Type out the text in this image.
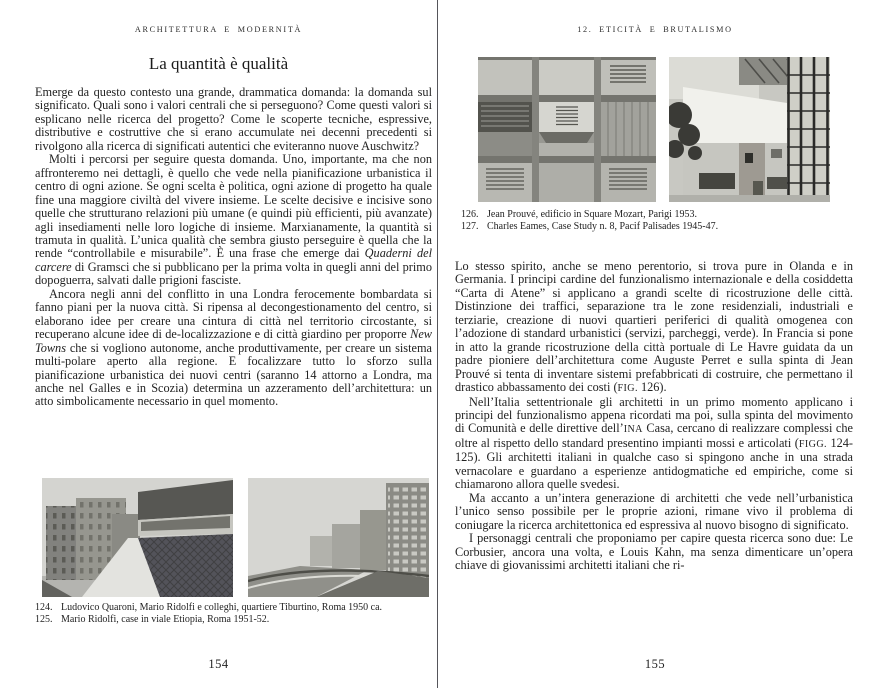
ARCHITETTURA E MODERNITÀ
La quantità è qualità

Emerge da questo contesto una grande, drammatica domanda: la domanda sul significato. Quali sono i valori centrali che si perseguono? Come questi valori si esplicano nelle ricerca del progetto? Come le scoperte tecniche, espressive, distributive e costruttive che si erano accumulate nei decenni precedenti si rivolgono alla ricerca di significati autentici che eviteranno nuove Auschwitz?

Molti i percorsi per seguire questa domanda. Uno, importante, ma che non affronteremo nei dettagli, è quello che vede nella pianificazione urbanistica il centro di ogni azione. Se ogni scelta è politica, ogni azione di progetto ha quale fine una maggiore civiltà del vivere insieme. Le scelte decisive e incisive sono quelle che strutturano relazioni più umane (e quindi più efficienti, più avanzate) agli insediamenti nelle loro logiche di insieme. Marxianamente, la quantità si tramuta in qualità. L’unica qualità che sembra giusto perseguire è quella che la rende “controllabile e misurabile”. È una frase che emerge dai Quaderni del carcere di Gramsci che si pubblicano per la prima volta in quegli anni del primo dopoguerra, salvati dalle prigioni fasciste.

Ancora negli anni del conflitto in una Londra ferocemente bombardata si fanno piani per la nuova città. Si ripensa al decongestionamento del centro, si elaborano idee per creare una cintura di città nel territorio circostante, si recuperano alcune idee di de-localizzazione e di città giardino per proporre New Towns che si vogliono autonome, anche produttivamente, per creare un sistema multi-polare aperto alla regione. E focalizzare tutto lo sforzo sulla pianificazione urbanistica dei nuovi centri (saranno 14 attorno a Londra, ma anche nel Galles e in Scozia) determina un azzeramento dell’architettura: un atto simbolicamente necessario in quel momento.

124. Ludovico Quaroni, Mario Ridolfi e colleghi, quartiere Tiburtino, Roma 1950 ca.
125. Mario Ridolfi, case in viale Etiopia, Roma 1951-52.
154
12. ETICITÀ E BRUTALISMO
126. Jean Prouvé, edificio in Square Mozart, Parigi 1953.
127. Charles Eames, Case Study n. 8, Pacif Palisades 1945-47.

Lo stesso spirito, anche se meno perentorio, si trova pure in Olanda e in Germania. I principi cardine del funzionalismo internazionale e della cosiddetta “Carta di Atene” si applicano a grandi scelte di ricostruzione delle città. Distinzione dei traffici, separazione tra le zone residenziali, industriali e terziarie, creazione di nuovi quartieri periferici di qualità omogenea con l’adozione di standard urbanistici (servizi, parcheggi, verde). In Francia si pone in atto la grande ricostruzione della città portuale di Le Havre guidata da un padre pioniere dell’architettura come Auguste Perret e sulla spinta di Jean Prouvé si tenta di inventare sistemi prefabbricati di costruire, che permettano il drastico abbassamento dei costi (FIG. 126).

Nell’Italia settentrionale gli architetti in un primo momento applicano i principi del funzionalismo appena ricordati ma poi, sulla spinta del movimento di Comunità e delle direttive dell’INA Casa, cercano di realizzare complessi che oltre al rispetto dello standard presentino impianti mossi e articolati (FIGG. 124-125). Gli architetti italiani in qualche caso si spingono anche in una strada vernacolare e guardano a esperienze antidogmatiche ed empiriche, come si chiamarono allora quelle svedesi.

Ma accanto a un’intera generazione di architetti che vede nell’urbanistica l’unico senso possibile per le proprie azioni, rimane vivo il problema di coniugare la ricerca architettonica ed espressiva al nuovo bisogno di significato.

I personaggi centrali che proponiamo per capire questa ricerca sono due: Le Corbusier, ancora una volta, e Louis Kahn, ma senza dimenticare un’opera chiave di giovanissimi architetti italiani che ri-

155
